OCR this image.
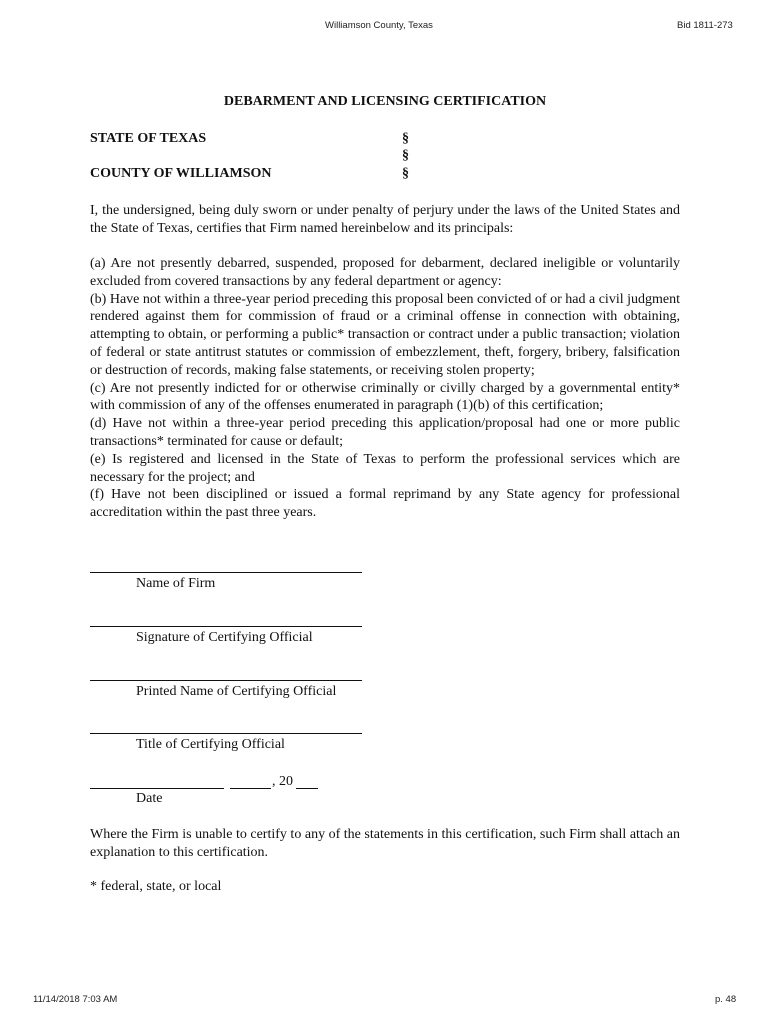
Williamson County, Texas	Bid 1811-273
DEBARMENT AND LICENSING CERTIFICATION
STATE OF TEXAS
COUNTY OF WILLIAMSON
§
§
§
I, the undersigned, being duly sworn or under penalty of perjury under the laws of the United States and the State of Texas, certifies that Firm named hereinbelow and its principals:
(a) Are not presently debarred, suspended, proposed for debarment, declared ineligible or voluntarily excluded from covered transactions by any federal department or agency:
(b) Have not within a three-year period preceding this proposal been convicted of or had a civil judgment rendered against them for commission of fraud or a criminal offense in connection with obtaining, attempting to obtain, or performing a public* transaction or contract under a public transaction; violation of federal or state antitrust statutes or commission of embezzlement, theft, forgery, bribery, falsification or destruction of records, making false statements, or receiving stolen property;
(c) Are not presently indicted for or otherwise criminally or civilly charged by a governmental entity* with commission of any of the offenses enumerated in paragraph (1)(b) of this certification;
(d) Have not within a three-year period preceding this application/proposal had one or more public transactions* terminated for cause or default;
(e) Is registered and licensed in the State of Texas to perform the professional services which are necessary for the project; and
(f) Have not been disciplined or issued a formal reprimand by any State agency for professional accreditation within the past three years.
Name of Firm
Signature of Certifying Official
Printed Name of Certifying Official
Title of Certifying Official
, 20
Date
Where the Firm is unable to certify to any of the statements in this certification, such Firm shall attach an explanation to this certification.
* federal, state, or local
11/14/2018 7:03 AM	p. 48
